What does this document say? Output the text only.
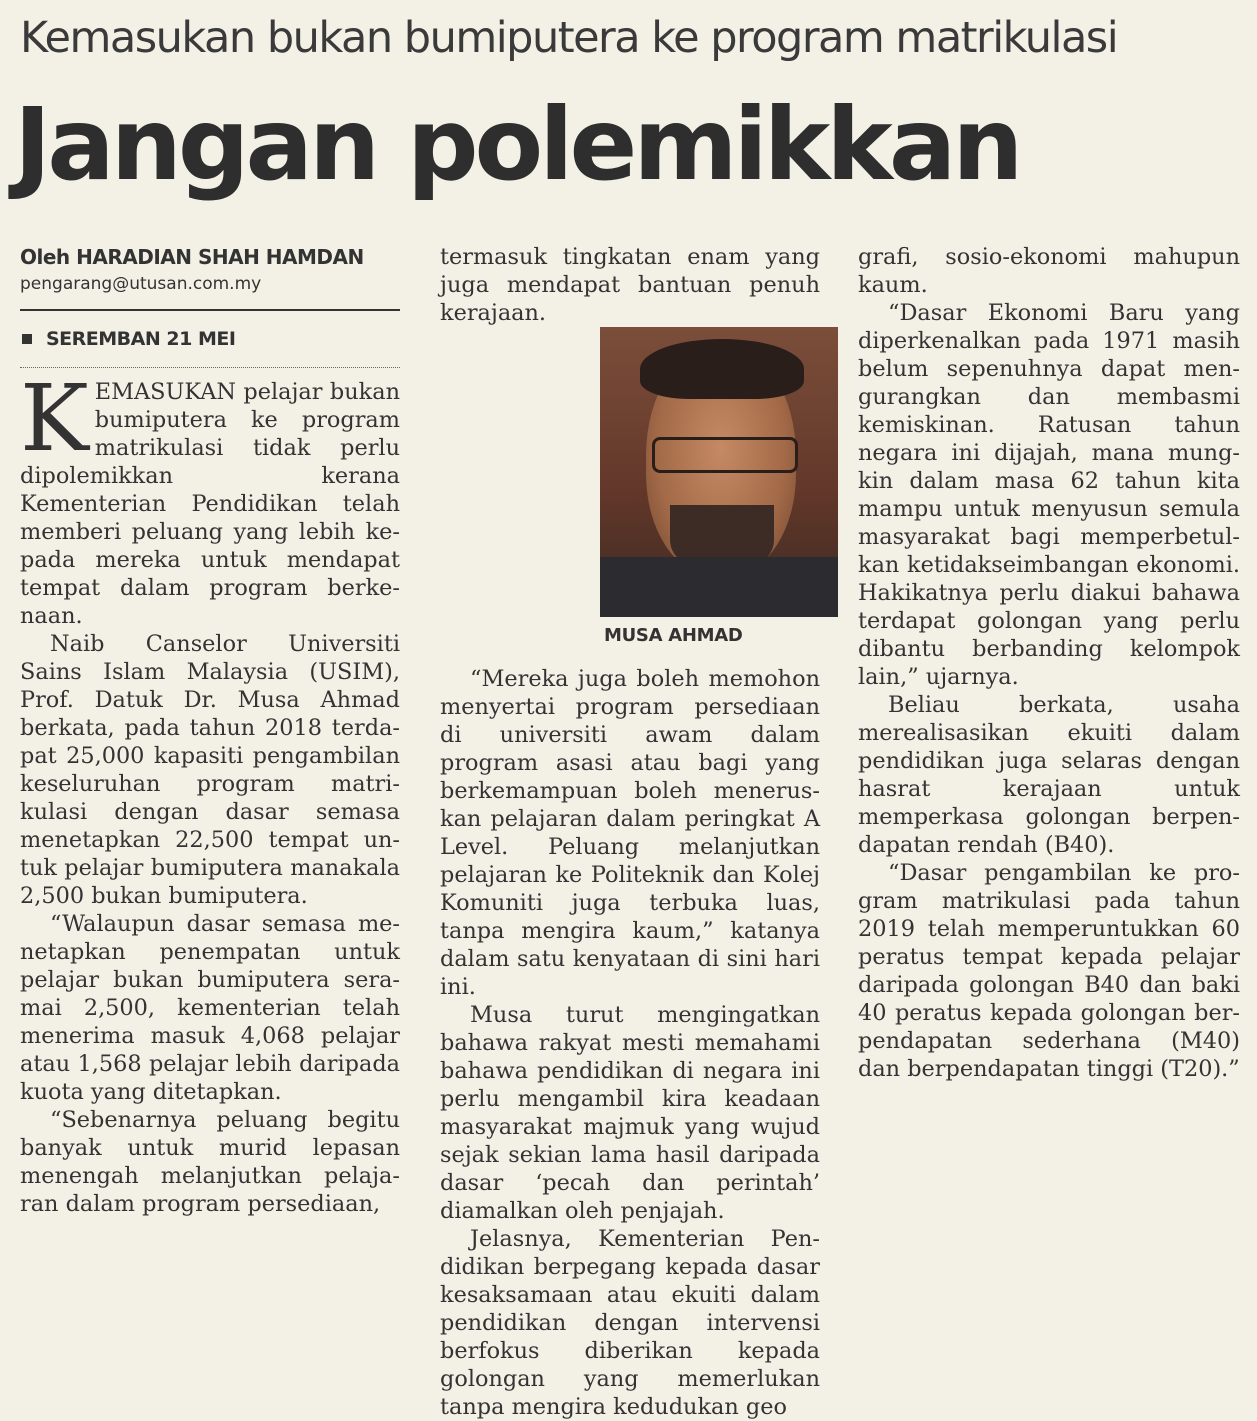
Kemasukan bukan bumiputera ke program matrikulasi
Jangan polemikkan
Oleh HARADIAN SHAH HAMDAN
pengarang@utusan.com.my
SEREMBAN 21 MEI

KEMASUKAN pelajar bukan bumiputera ke program matrikulasi tidak perlu dipolemikkan kerana Kementerian Pendidikan telah memberi peluang yang lebih kepada mereka untuk mendapat tempat dalam program berkenaan.

Naib Canselor Universiti Sains Islam Malaysia (USIM), Prof. Datuk Dr. Musa Ahmad berkata, pada tahun 2018 terdapat 25,000 kapasiti pengambilan keseluruhan program matrikulasi dengan dasar semasa menetapkan 22,500 tempat untuk pelajar bumiputera manakala 2,500 bukan bumiputera.

“Walaupun dasar semasa menetapkan penempatan untuk pelajar bukan bumiputera seramai 2,500, kementerian telah menerima masuk 4,068 pelajar atau 1,568 pelajar lebih daripada kuota yang ditetapkan.

“Sebenarnya peluang begitu banyak untuk murid lepasan menengah melanjutkan pelajaran dalam program persediaan,

termasuk tingkatan enam yang juga mendapat bantuan penuh kerajaan.

MUSA AHMAD

“Mereka juga boleh memohon menyertai program persediaan di universiti awam dalam program asasi atau bagi yang berkemampuan boleh meneruskan pelajaran dalam peringkat A Level. Peluang melanjutkan pelajaran ke Politeknik dan Kolej Komuniti juga terbuka luas, tanpa mengira kaum,” katanya dalam satu kenyataan di sini hari ini.

Musa turut mengingatkan bahawa rakyat mesti memahami bahawa pendidikan di negara ini perlu mengambil kira keadaan masyarakat majmuk yang wujud sejak sekian lama hasil daripada dasar ‘pecah dan perintah’ diamalkan oleh penjajah.

Jelasnya, Kementerian Pendidikan berpegang kepada dasar kesaksamaan atau ekuiti dalam pendidikan dengan intervensi berfokus diberikan kepada golongan yang memerlukan tanpa mengira kedudukan geo

grafi, sosio-ekonomi mahupun kaum.

“Dasar Ekonomi Baru yang diperkenalkan pada 1971 masih belum sepenuhnya dapat mengurangkan dan membasmi kemiskinan. Ratusan tahun negara ini dijajah, mana mungkin dalam masa 62 tahun kita mampu untuk menyusun semula masyarakat bagi memperbetulkan ketidakseimbangan ekonomi. Hakikatnya perlu diakui bahawa terdapat golongan yang perlu dibantu berbanding kelompok lain,” ujarnya.

Beliau berkata, usaha merealisasikan ekuiti dalam pendidikan juga selaras dengan hasrat kerajaan untuk memperkasa golongan berpendapatan rendah (B40).

“Dasar pengambilan ke program matrikulasi pada tahun 2019 telah memperuntukkan 60 peratus tempat kepada pelajar daripada golongan B40 dan baki 40 peratus kepada golongan berpendapatan sederhana (M40) dan berpendapatan tinggi (T20).”
